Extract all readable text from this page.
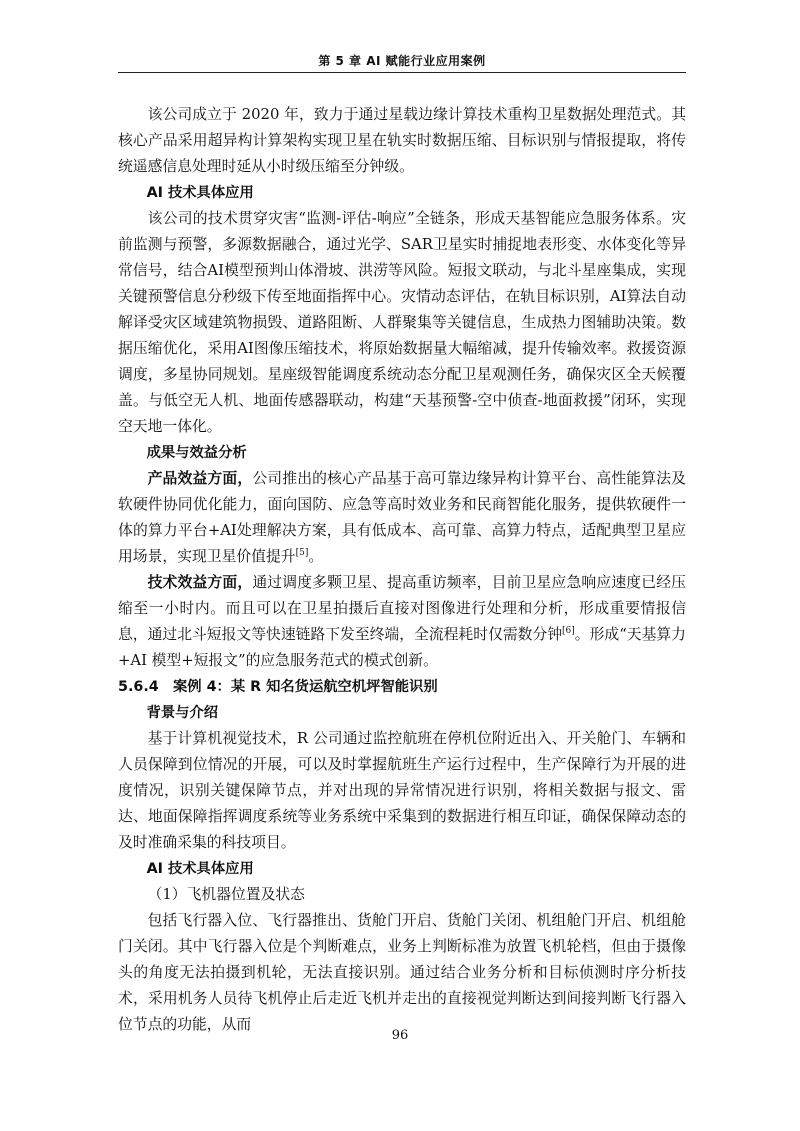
第 5 章 AI 赋能行业应用案例

该公司成立于 2020 年，致力于通过星载边缘计算技术重构卫星数据处理范式。其核心产品采用超异构计算架构实现卫星在轨实时数据压缩、目标识别与情报提取，将传统遥感信息处理时延从小时级压缩至分钟级。

AI 技术具体应用

该公司的技术贯穿灾害“监测-评估-响应”全链条，形成天基智能应急服务体系。灾前监测与预警，多源数据融合，通过光学、SAR卫星实时捕捉地表形变、水体变化等异常信号，结合AI模型预判山体滑坡、洪涝等风险。短报文联动，与北斗星座集成，实现关键预警信息分秒级下传至地面指挥中心。灾情动态评估，在轨目标识别，AI算法自动解译受灾区域建筑物损毁、道路阻断、人群聚集等关键信息，生成热力图辅助决策。数据压缩优化，采用AI图像压缩技术，将原始数据量大幅缩减，提升传输效率。救援资源调度，多星协同规划。星座级智能调度系统动态分配卫星观测任务，确保灾区全天候覆盖。与低空无人机、地面传感器联动，构建“天基预警-空中侦查-地面救援”闭环，实现空天地一体化。

成果与效益分析

产品效益方面，公司推出的核心产品基于高可靠边缘异构计算平台、高性能算法及软硬件协同优化能力，面向国防、应急等高时效业务和民商智能化服务，提供软硬件一体的算力平台+AI处理解决方案，具有低成本、高可靠、高算力特点，适配典型卫星应用场景，实现卫星价值提升[5]。

技术效益方面，通过调度多颗卫星、提高重访频率，目前卫星应急响应速度已经压缩至一小时内。而且可以在卫星拍摄后直接对图像进行处理和分析，形成重要情报信息，通过北斗短报文等快速链路下发至终端，全流程耗时仅需数分钟[6]。形成“天基算力+AI 模型+短报文”的应急服务范式的模式创新。

5.6.4　案例 4：某 R 知名货运航空机坪智能识别

背景与介绍

基于计算机视觉技术，R 公司通过监控航班在停机位附近出入、开关舱门、车辆和人员保障到位情况的开展，可以及时掌握航班生产运行过程中，生产保障行为开展的进度情况，识别关键保障节点，并对出现的异常情况进行识别，将相关数据与报文、雷达、地面保障指挥调度系统等业务系统中采集到的数据进行相互印证，确保保障动态的及时准确采集的科技项目。

AI 技术具体应用

（1）飞机器位置及状态

包括飞行器入位、飞行器推出、货舱门开启、货舱门关闭、机组舱门开启、机组舱门关闭。其中飞行器入位是个判断难点，业务上判断标准为放置飞机轮档，但由于摄像头的角度无法拍摄到机轮，无法直接识别。通过结合业务分析和目标侦测时序分析技术，采用机务人员待飞机停止后走近飞机并走出的直接视觉判断达到间接判断飞行器入位节点的功能，从而

96
